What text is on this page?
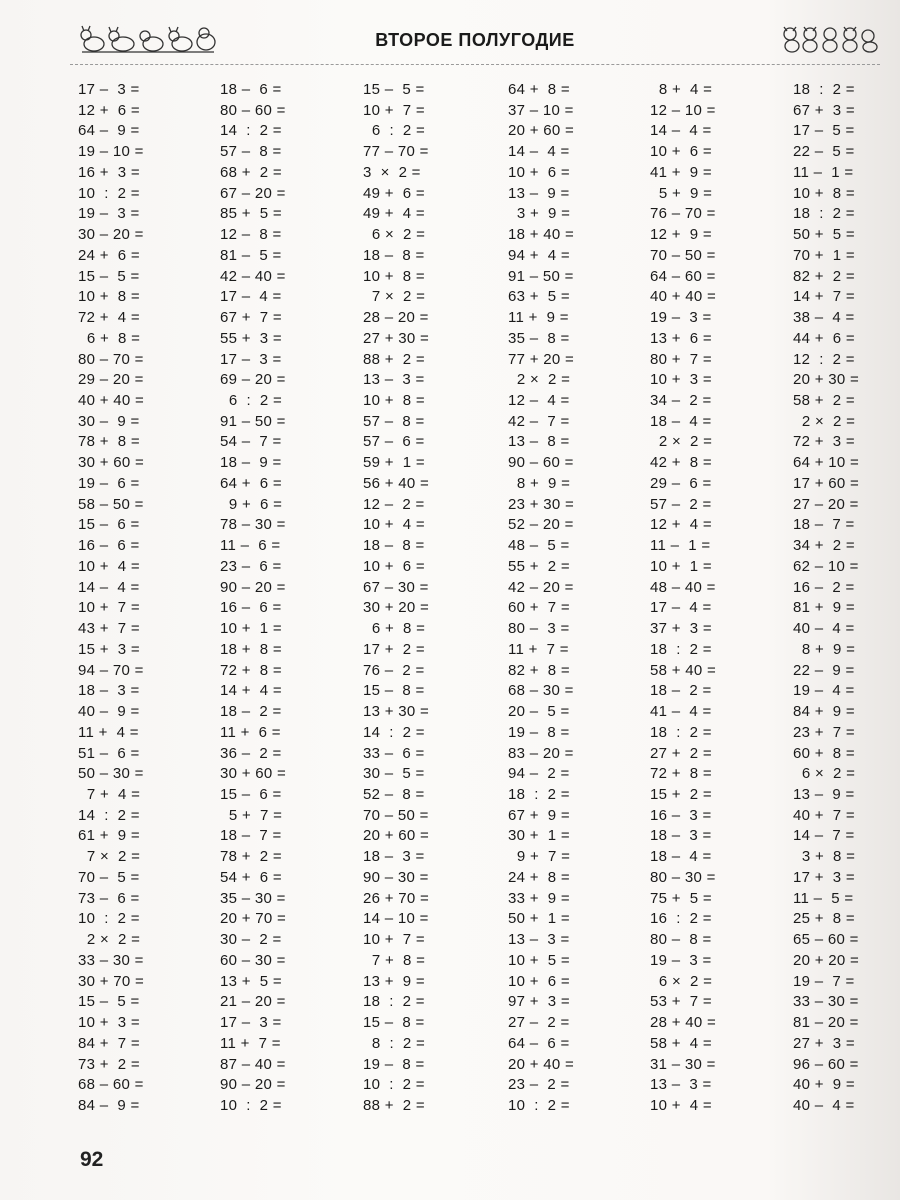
ВТОРОЕ ПОЛУГОДИЕ
17 –  3 =
12 +  6 =
64 –  9 =
19 – 10 =
16 +  3 =
10  :  2 =
19 –  3 =
30 – 20 =
24 +  6 =
15 –  5 =
10 +  8 =
72 +  4 =
6 +  8 =
80 – 70 =
29 – 20 =
40 + 40 =
30 –  9 =
78 +  8 =
30 + 60 =
19 –  6 =
58 – 50 =
15 –  6 =
16 –  6 =
10 +  4 =
14 –  4 =
10 +  7 =
43 +  7 =
15 +  3 =
94 – 70 =
18 –  3 =
40 –  9 =
11 +  4 =
51 –  6 =
50 – 30 =
7 +  4 =
14  :  2 =
61 +  9 =
7 ×  2 =
70 –  5 =
73 –  6 =
10  :  2 =
2 ×  2 =
33 – 30 =
30 + 70 =
15 –  5 =
10 +  3 =
84 +  7 =
73 +  2 =
68 – 60 =
84 –  9 =
18 –  6 =
80 – 60 =
14  :  2 =
57 –  8 =
68 +  2 =
67 – 20 =
85 +  5 =
12 –  8 =
81 –  5 =
42 – 40 =
17 –  4 =
67 +  7 =
55 +  3 =
17 –  3 =
69 – 20 =
6  :  2 =
91 – 50 =
54 –  7 =
18 –  9 =
64 +  6 =
9 +  6 =
78 – 30 =
11 –  6 =
23 –  6 =
90 – 20 =
16 –  6 =
10 +  1 =
18 +  8 =
72 +  8 =
14 +  4 =
18 –  2 =
11 +  6 =
36 –  2 =
30 + 60 =
15 –  6 =
5 +  7 =
18 –  7 =
78 +  2 =
54 +  6 =
35 – 30 =
20 + 70 =
30 –  2 =
60 – 30 =
13 +  5 =
21 – 20 =
17 –  3 =
11 +  7 =
87 – 40 =
90 – 20 =
10  :  2 =
15 –  5 =
10 +  7 =
6  :  2 =
77 – 70 =
3  ×  2 =
49 +  6 =
49 +  4 =
6 ×  2 =
18 –  8 =
10 +  8 =
7 ×  2 =
28 – 20 =
27 + 30 =
88 +  2 =
13 –  3 =
10 +  8 =
57 –  8 =
57 –  6 =
59 +  1 =
56 + 40 =
12 –  2 =
10 +  4 =
18 –  8 =
10 +  6 =
67 – 30 =
30 + 20 =
6 +  8 =
17 +  2 =
76 –  2 =
15 –  8 =
13 + 30 =
14  :  2 =
33 –  6 =
30 –  5 =
52 –  8 =
70 – 50 =
20 + 60 =
18 –  3 =
90 – 30 =
26 + 70 =
14 – 10 =
10 +  7 =
7 +  8 =
13 +  9 =
18  :  2 =
15 –  8 =
8  :  2 =
19 –  8 =
10  :  2 =
88 +  2 =
64 +  8 =
37 – 10 =
20 + 60 =
14 –  4 =
10 +  6 =
13 –  9 =
3 +  9 =
18 + 40 =
94 +  4 =
91 – 50 =
63 +  5 =
11 +  9 =
35 –  8 =
77 + 20 =
2 ×  2 =
12 –  4 =
42 –  7 =
13 –  8 =
90 – 60 =
8 +  9 =
23 + 30 =
52 – 20 =
48 –  5 =
55 +  2 =
42 – 20 =
60 +  7 =
80 –  3 =
11 +  7 =
82 +  8 =
68 – 30 =
20 –  5 =
19 –  8 =
83 – 20 =
94 –  2 =
18  :  2 =
67 +  9 =
30 +  1 =
9 +  7 =
24 +  8 =
33 +  9 =
50 +  1 =
13 –  3 =
10 +  5 =
10 +  6 =
97 +  3 =
27 –  2 =
64 –  6 =
20 + 40 =
23 –  2 =
10  :  2 =
8 +  4 =
12 – 10 =
14 –  4 =
10 +  6 =
41 +  9 =
5 +  9 =
76 – 70 =
12 +  9 =
70 – 50 =
64 – 60 =
40 + 40 =
19 –  3 =
13 +  6 =
80 +  7 =
10 +  3 =
34 –  2 =
18 –  4 =
2 ×  2 =
42 +  8 =
29 –  6 =
57 –  2 =
12 +  4 =
11 –  1 =
10 +  1 =
48 – 40 =
17 –  4 =
37 +  3 =
18  :  2 =
58 + 40 =
18 –  2 =
41 –  4 =
18  :  2 =
27 +  2 =
72 +  8 =
15 +  2 =
16 –  3 =
18 –  3 =
18 –  4 =
80 – 30 =
75 +  5 =
16  :  2 =
80 –  8 =
19 –  3 =
6 ×  2 =
53 +  7 =
28 + 40 =
58 +  4 =
31 – 30 =
13 –  3 =
10 +  4 =
18  :  2 =
67 +  3 =
17 –  5 =
22 –  5 =
11 –  1 =
10 +  8 =
18  :  2 =
50 +  5 =
70 +  1 =
82 +  2 =
14 +  7 =
38 –  4 =
44 +  6 =
12  :  2 =
20 + 30 =
58 +  2 =
2 ×  2 =
72 +  3 =
64 + 10 =
17 + 60 =
27 – 20 =
18 –  7 =
34 +  2 =
62 – 10 =
16 –  2 =
81 +  9 =
40 –  4 =
8 +  9 =
22 –  9 =
19 –  4 =
84 +  9 =
23 +  7 =
60 +  8 =
6 ×  2 =
13 –  9 =
40 +  7 =
14 –  7 =
3 +  8 =
17 +  3 =
11 –  5 =
25 +  8 =
65 – 60 =
20 + 20 =
19 –  7 =
33 – 30 =
81 – 20 =
27 +  3 =
96 – 60 =
40 +  9 =
40 –  4 =
92
